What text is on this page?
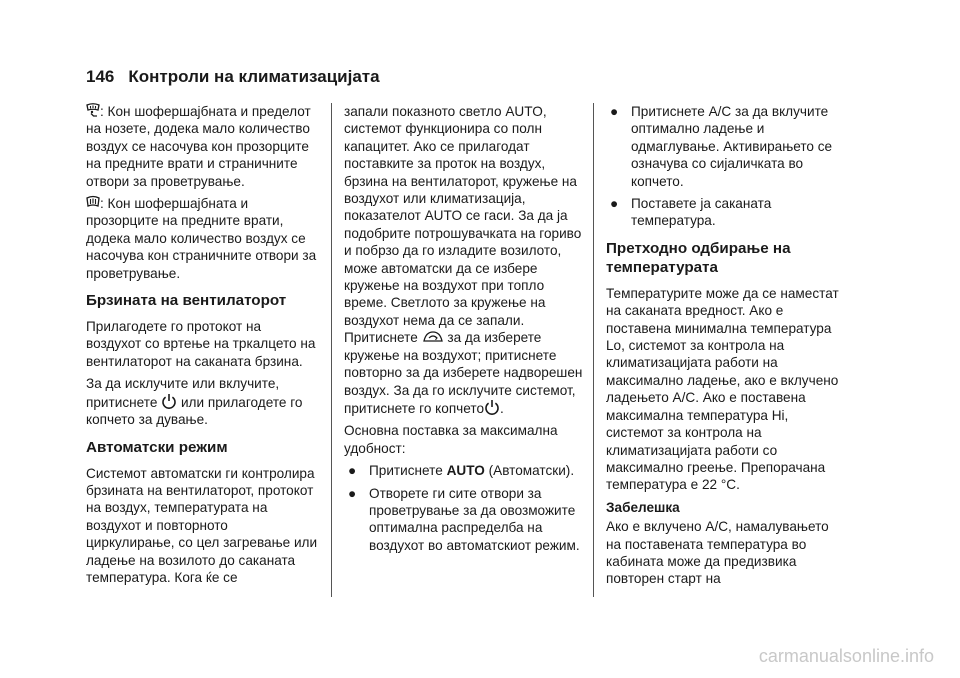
146 Контроли на климатизацијата

: Кон шофершајбната и пределот на нозете, додека мало количество воздух се насочува кон прозорците на предните врати и страничните отвори за проветрување.

: Кон шофершајбната и прозорците на предните врати, додека мало количество воздух се насочува кон страничните отвори за проветрување.

Брзината на вентилаторот

Прилагодете го протокот на воздухот со вртење на тркалцето на вентилаторот на саканата брзина.

За да исклучите или вклучите, притиснете или прилагодете го копчето за дување.

Автоматски режим

Системот автоматски ги контролира брзината на вентилаторот, протокот на воздух, температурата на воздухот и повторното циркулирање, со цел загревање или ладење на возилото до саканата температура. Кога ќе се

запали показното светло AUTO, системот функционира со полн капацитет. Ако се прилагодат поставките за проток на воздух, брзина на вентилаторот, кружење на воздухот или климатизација, показателот AUTO се гаси. За да ја подобрите потрошувачката на гориво и побрзо да го изладите возилото, може автоматски да се избере кружење на воздухот при топло време. Светлото за кружење на воздухот нема да се запали. Притиснете за да изберете кружење на воздухот; притиснете повторно за да изберете надворешен воздух. За да го исклучите системот, притиснете го копчето .

Основна поставка за максимална удобност:

● Притиснете AUTO (Автоматски).
● Отворете ги сите отвори за проветрување за да овозможите оптимална распределба на воздухот во автоматскиот режим.
● Притиснете A/C за да вклучите оптимално ладење и одмаглување. Активирањето се означува со сијаличката во копчето.
● Поставете ја саканата температура.
Претходно одбирање на температурата

Температурите може да се наместат на саканата вредност. Ако е поставена минимална температура Lo, системот за контрола на климатизацијата работи на максимално ладење, ако е вклучено ладењето A/C. Ако е поставена максимална температура Hi, системот за контрола на климатизацијата работи со максимално греење. Препорачана температура е 22 °C.

Забелешка

Ако е вклучено A/C, намалувањето на поставената температура во кабината може да предизвика повторен старт на

carmanualsonline.info
